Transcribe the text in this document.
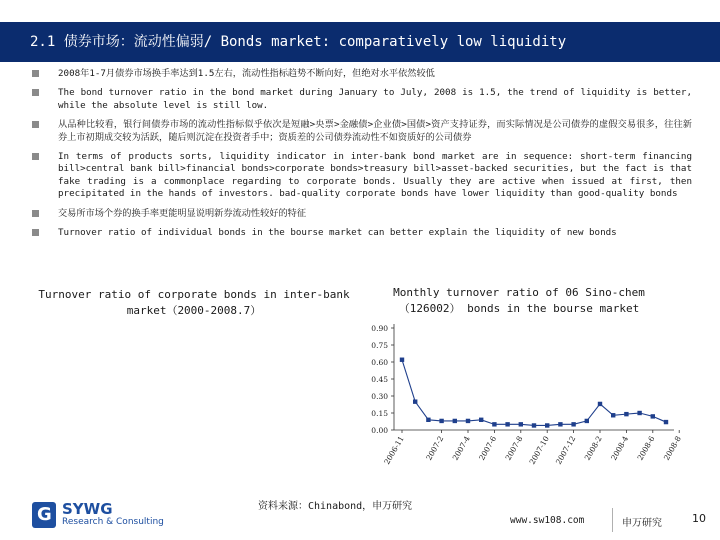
2.1 债券市场：流动性偏弱/ Bonds market: comparatively low liquidity
2008年1-7月债券市场换手率达到1.5左右，流动性指标趋势不断向好，但绝对水平依然较低
The bond turnover ratio in the bond market during January to July, 2008 is 1.5, the trend of liquidity is better, while the absolute level is still low.
从品种比较看，银行间债券市场的流动性指标似乎依次是短融>央票>金融债>企业债>国债>资产支持证券，而实际情况是公司债券的虚假交易很多，往往新券上市初期成交较为活跃，随后则沉淀在投资者手中；资质差的公司债券流动性不如资质好的公司债券
In terms of products sorts, liquidity indicator in inter-bank bond market are in sequence: short-term financing bill>central bank bill>financial bonds>corporate bonds>treasury bill>asset-backed securities, but the fact is that fake trading is a commonplace regarding to corporate bonds. Usually they are active when issued at first, then precipitated in the hands of investors. bad-quality corporate bonds have lower liquidity than good-quality bonds
交易所市场个券的换手率更能明显说明新券流动性较好的特征
Turnover ratio of individual bonds in the bourse market can better explain the liquidity of new bonds
Turnover ratio of corporate bonds in inter-bank market（2000-2008.7）
Monthly turnover ratio of 06 Sino-chem （126002） bonds in the bourse market
0.00
0.15
0.30
0.45
0.60
0.75
0.90
2006-11 2007-2 2007-4 2007-6 2007-8 2007-10 2007-12 2008-2 2008-4 2008-6 2008-8
资料来源：Chinabond，申万研究
G SYWG
Research & Consulting	www.sw108.com	申万研究	10
